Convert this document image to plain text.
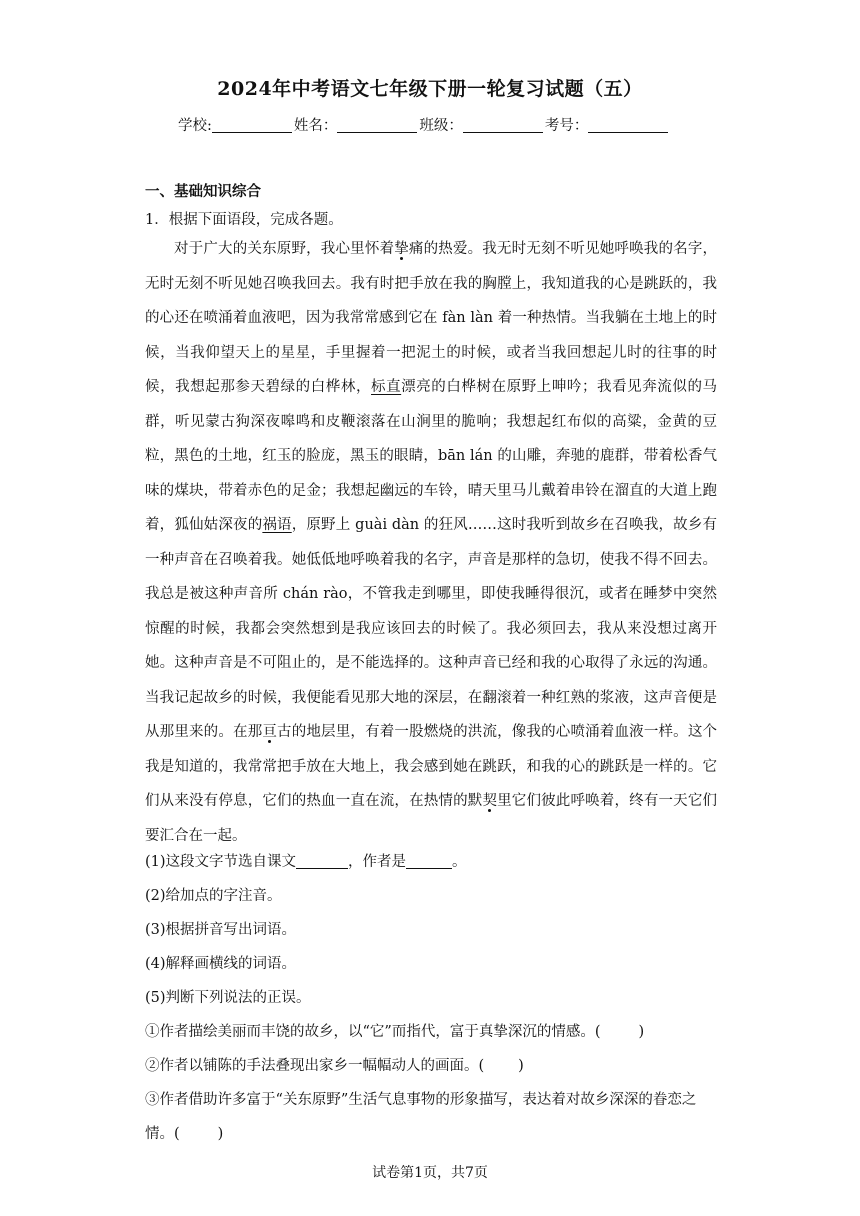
2024年中考语文七年级下册一轮复习试题（五）
学校:	姓名：	班级：	考号：
一、基础知识综合
1．根据下面语段，完成各题。
对于广大的关东原野，我心里怀着挚痛的热爱。我无时无刻不听见她呼唤我的名字，无时无刻不听见她召唤我回去。我有时把手放在我的胸膛上，我知道我的心是跳跃的，我的心还在喷涌着血液吧，因为我常常感到它在 fàn làn 着一种热情。当我躺在土地上的时候，当我仰望天上的星星，手里握着一把泥土的时候，或者当我回想起儿时的往事的时候，我想起那参天碧绿的白桦林，标直漂亮的白桦树在原野上呻吟；我看见奔流似的马群，听见蒙古狗深夜嗥鸣和皮鞭滚落在山涧里的脆响；我想起红布似的高粱，金黄的豆粒，黑色的土地，红玉的脸庞，黑玉的眼睛，bān lán 的山雕，奔驰的鹿群，带着松香气味的煤块，带着赤色的足金；我想起幽远的车铃，晴天里马儿戴着串铃在溜直的大道上跑着，狐仙姑深夜的祸语，原野上 guài dàn 的狂风……这时我听到故乡在召唤我，故乡有一种声音在召唤着我。她低低地呼唤着我的名字，声音是那样的急切，使我不得不回去。我总是被这种声音所 chán rào，不管我走到哪里，即使我睡得很沉，或者在睡梦中突然惊醒的时候，我都会突然想到是我应该回去的时候了。我必须回去，我从来没想过离开她。这种声音是不可阻止的，是不能选择的。这种声音已经和我的心取得了永远的沟通。当我记起故乡的时候，我便能看见那大地的深层，在翻滚着一种红熟的浆液，这声音便是从那里来的。在那亘古的地层里，有着一股燃烧的洪流，像我的心喷涌着血液一样。这个我是知道的，我常常把手放在大地上，我会感到她在跳跃，和我的心的跳跃是一样的。它们从来没有停息，它们的热血一直在流，在热情的默契里它们彼此呼唤着，终有一天它们要汇合在一起。
(1)这段文字节选自课文	，作者是	。
(2)给加点的字注音。
(3)根据拼音写出词语。
(4)解释画横线的词语。
(5)判断下列说法的正误。
①作者描绘美丽而丰饶的故乡，以“它”而指代，富于真挚深沉的情感。(	)
②作者以铺陈的手法叠现出家乡一幅幅动人的画面。( )
③作者借助许多富于“关东原野”生活气息事物的形象描写，表达着对故乡深深的眷恋之
情。(	)
试卷第1页，共7页
